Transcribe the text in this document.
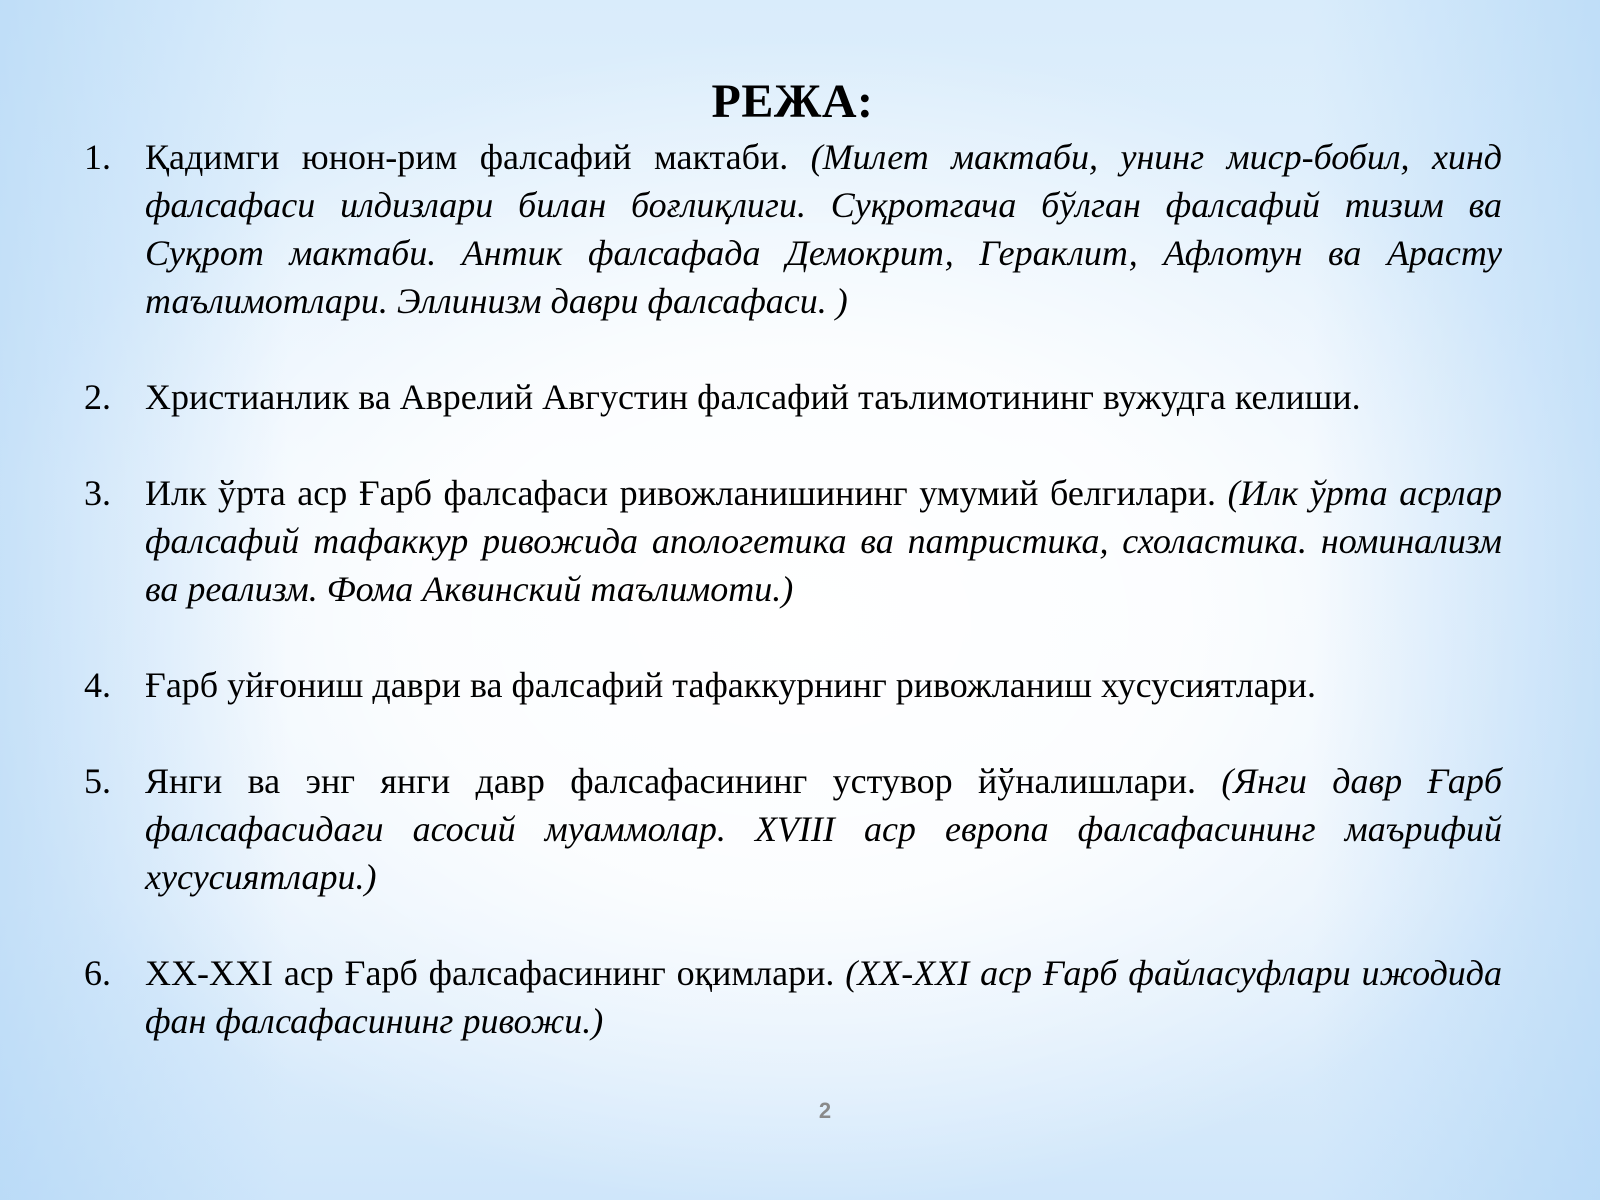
РЕЖА:
1. Қадимги юнон-рим фалсафий мактаби. (Милет мактаби, унинг миср-бобил, хинд фалсафаси илдизлари билан боғлиқлиги. Суқротгача бўлган фалсафий тизим ва Суқрот мактаби. Антик фалсафада Демокрит, Гераклит, Афлотун ва Арасту таълимотлари. Эллинизм даври фалсафаси. )
2. Христианлик ва Аврелий Августин фалсафий таълимотининг вужудга келиши.
3. Илк ўрта аср Ғарб фалсафаси ривожланишининг умумий белгилари. (Илк ўрта асрлар фалсафий тафаккур ривожида апологетика ва патристика, схоластика. номинализм ва реализм. Фома Аквинский таълимоти.)
4. Ғарб уйғониш даври ва фалсафий тафаккурнинг ривожланиш хусусиятлари.
5. Янги ва энг янги давр фалсафасининг устувор йўналишлари. (Янги давр Ғарб фалсафасидаги асосий муаммолар. XVIII аср европа фалсафасининг маърифий хусусиятлари.)
6. XX-XXI аср Ғарб фалсафасининг оқимлари. (XX-XXI аср Ғарб файласуфлари ижодида фан фалсафасининг ривожи.)
2
